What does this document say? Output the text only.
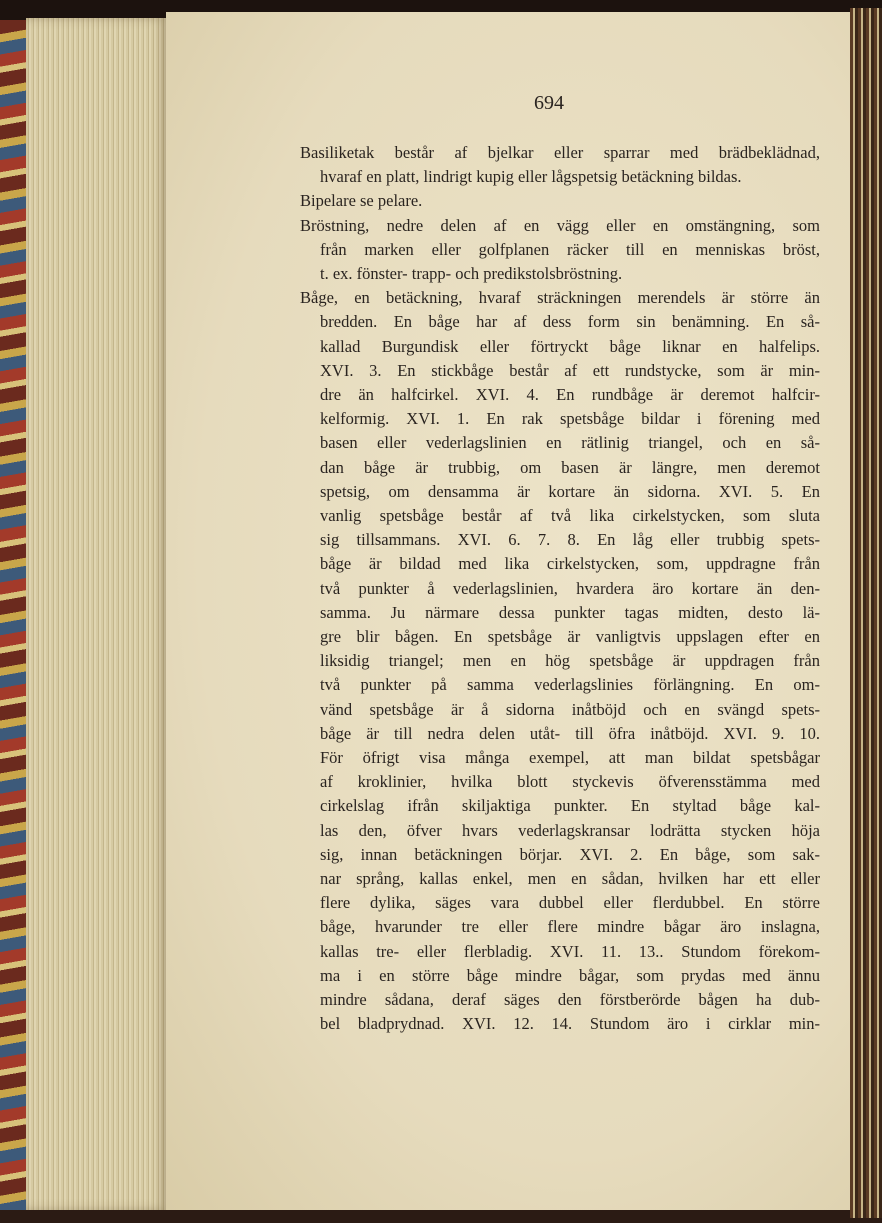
694
Basiliketak består af bjelkar eller sparrar med brädbeklädnad,
hvaraf en platt, lindrigt kupig eller lågspetsig betäckning bildas.
Bipelare se pelare.
Bröstning, nedre delen af en vägg eller en omstängning, som
från marken eller golfplanen räcker till en menniskas bröst,
t. ex. fönster- trapp- och predikstolsbröstning.
Båge, en betäckning, hvaraf sträckningen merendels är större än
bredden. En båge har af dess form sin benämning. En så-
kallad Burgundisk eller förtryckt båge liknar en halfelips.
XVI. 3. En stickbåge består af ett rundstycke, som är min-
dre än halfcirkel. XVI. 4. En rundbåge är deremot halfcir-
kelformig. XVI. 1. En rak spetsbåge bildar i förening med
basen eller vederlagslinien en rätlinig triangel, och en så-
dan båge är trubbig, om basen är längre, men deremot
spetsig, om densamma är kortare än sidorna. XVI. 5. En
vanlig spetsbåge består af två lika cirkelstycken, som sluta
sig tillsammans. XVI. 6. 7. 8. En låg eller trubbig spets-
båge är bildad med lika cirkelstycken, som, uppdragne från
två punkter å vederlagslinien, hvardera äro kortare än den-
samma. Ju närmare dessa punkter tagas midten, desto lä-
gre blir bågen. En spetsbåge är vanligtvis uppslagen efter en
liksidig triangel; men en hög spetsbåge är uppdragen från
två punkter på samma vederlagslinies förlängning. En om-
vänd spetsbåge är å sidorna inåtböjd och en svängd spets-
båge är till nedra delen utåt- till öfra inåtböjd. XVI. 9. 10.
För öfrigt visa många exempel, att man bildat spetsbågar
af kroklinier, hvilka blott styckevis öfverensstämma med
cirkelslag ifrån skiljaktiga punkter. En styltad båge kal-
las den, öfver hvars vederlagskransar lodrätta stycken höja
sig, innan betäckningen börjar. XVI. 2. En båge, som sak-
nar språng, kallas enkel, men en sådan, hvilken har ett eller
flere dylika, säges vara dubbel eller flerdubbel. En större
båge, hvarunder tre eller flere mindre bågar äro inslagna,
kallas tre- eller flerbladig. XVI. 11. 13.. Stundom förekom-
ma i en större båge mindre bågar, som prydas med ännu
mindre sådana, deraf säges den förstberörde bågen ha dub-
bel bladprydnad. XVI. 12. 14. Stundom äro i cirklar min-
